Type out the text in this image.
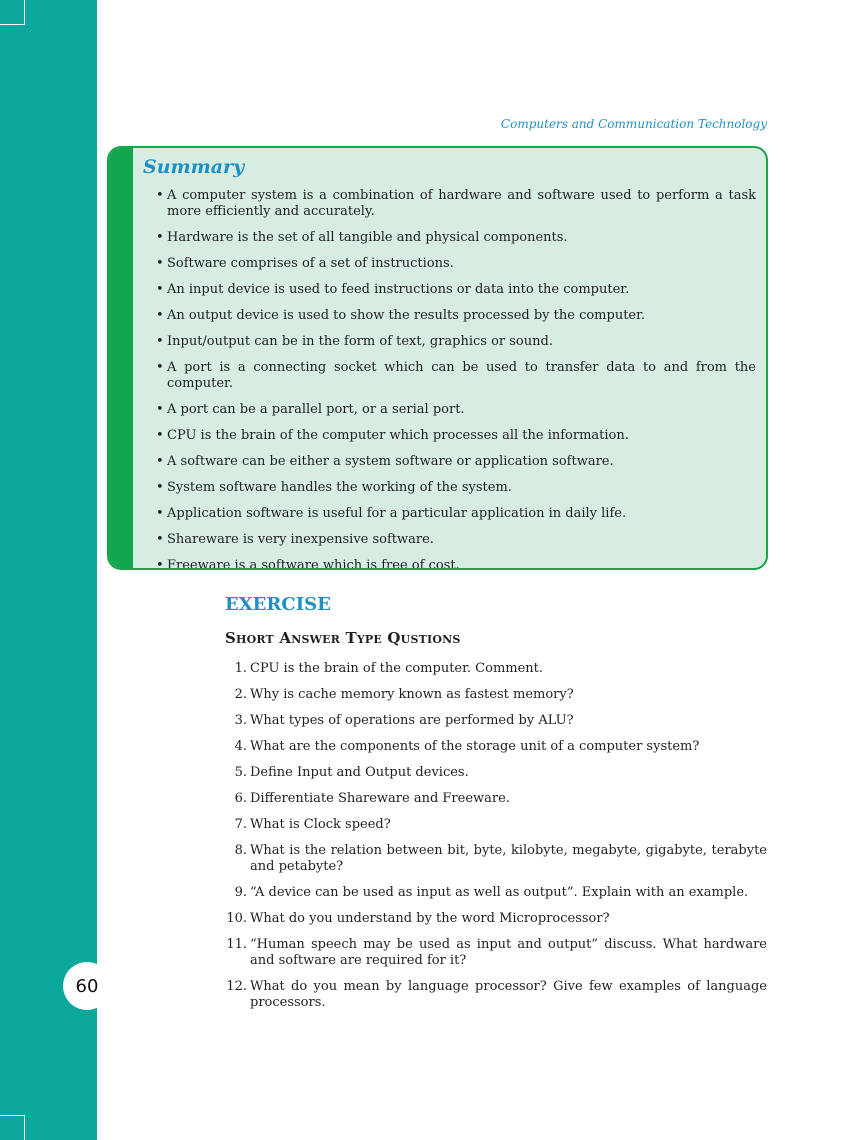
60
Computers and Communication Technology
Summary
• A computer system is a combination of hardware and software used to perform a task more efficiently and accurately.
• Hardware is the set of all tangible and physical components.
• Software comprises of a set of instructions.
• An input device is used to feed instructions or data into the computer.
• An output device is used to show the results processed by the computer.
• Input/output can be in the form of text, graphics or sound.
• A port is a connecting socket which can be used to transfer data to and from the computer.
• A port can be a parallel port, or a serial port.
• CPU is the brain of the computer which processes all the information.
• A software can be either a system software or application software.
• System software handles the working of the system.
• Application software is useful for a particular application in daily life.
• Shareware is very inexpensive software.
• Freeware is a software which is free of cost.
EXERCISE
Short Answer Type Qustions
1. CPU is the brain of the computer. Comment.
2. Why is cache memory known as fastest memory?
3. What types of operations are performed by ALU?
4. What are the components of the storage unit of a computer system?
5. Define Input and Output devices.
6. Differentiate Shareware and Freeware.
7. What is Clock speed?
8. What is the relation between bit, byte, kilobyte, megabyte, gigabyte, terabyte and petabyte?
9. “A device can be used as input as well as output”. Explain with an example.
10. What do you understand by the word Microprocessor?
11. “Human speech may be used as input and output” discuss. What hardware and software are required for it?
12. What do you mean by language processor? Give few examples of language processors.
